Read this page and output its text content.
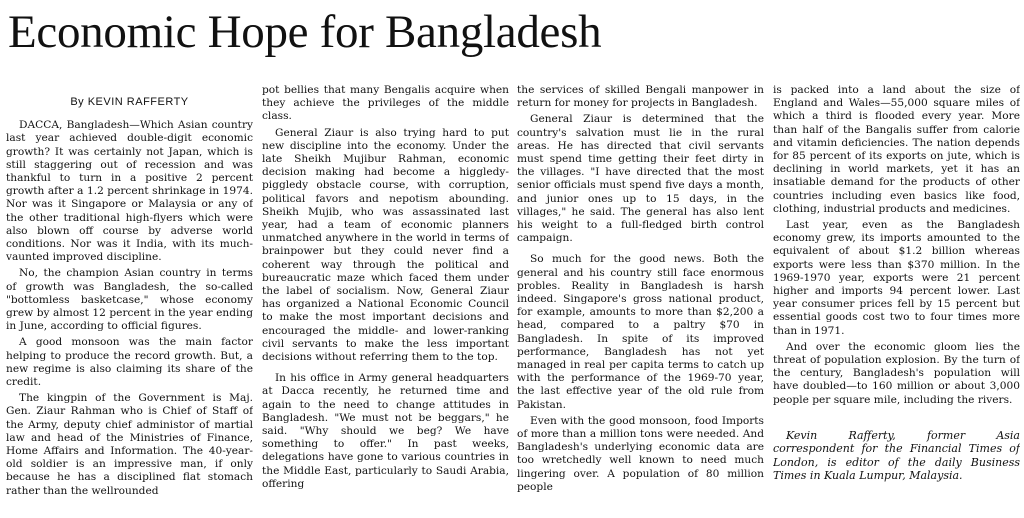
Economic Hope for Bangladesh

By KEVIN RAFFERTY

DACCA, Bangladesh—Which Asian country last year achieved double-digit economic growth? It was certainly not Japan, which is still staggering out of recession and was thankful to turn in a positive 2 percent growth after a 1.2 percent shrinkage in 1974. Nor was it Singapore or Malaysia or any of the other traditional high-flyers which were also blown off course by adverse world conditions. Nor was it India, with its much-vaunted improved discipline.

No, the champion Asian country in terms of growth was Bangladesh, the so-called "bottomless basketcase," whose economy grew by almost 12 percent in the year ending in June, according to official figures.

A good monsoon was the main factor helping to produce the record growth. But, a new regime is also claiming its share of the credit.

The kingpin of the Government is Maj. Gen. Ziaur Rahman who is Chief of Staff of the Army, deputy chief administor of martial law and head of the Ministries of Finance, Home Affairs and Information. The 40-year-old soldier is an impressive man, if only because he has a disciplined flat stomach rather than the wellrounded

pot bellies that many Bengalis acquire when they achieve the privileges of the middle class.

General Ziaur is also trying hard to put new discipline into the economy. Under the late Sheikh Mujibur Rahman, economic decision making had become a higgledy-piggledy obstacle course, with corruption, political favors and nepotism abounding. Sheikh Mujib, who was assassinated last year, had a team of economic planners unmatched anywhere in the world in terms of brainpower but they could never find a coherent way through the political and bureaucratic maze which faced them under the label of socialism. Now, General Ziaur has organized a National Economic Council to make the most important decisions and encouraged the middle- and lower-ranking civil servants to make the less important decisions without referring them to the top.

In his office in Army general headquarters at Dacca recently, he returned time and again to the need to change attitudes in Bangladesh. "We must not be beggars," he said. "Why should we beg? We have something to offer." In past weeks, delegations have gone to various countries in the Middle East, particularly to Saudi Arabia, offering

the services of skilled Bengali manpower in return for money for projects in Bangladesh.

General Ziaur is determined that the country's salvation must lie in the rural areas. He has directed that civil servants must spend time getting their feet dirty in the villages. "I have directed that the most senior officials must spend five days a month, and junior ones up to 15 days, in the villages," he said. The general has also lent his weight to a full-fledged birth control campaign.

So much for the good news. Both the general and his country still face enormous probles. Reality in Bangladesh is harsh indeed. Singapore's gross national product, for example, amounts to more than $2,200 a head, compared to a paltry $70 in Bangladesh. In spite of its improved performance, Bangladesh has not yet managed in real per capita terms to catch up with the performance of the 1969-70 year, the last effective year of the old rule from Pakistan.

Even with the good monsoon, food Imports of more than a million tons were needed. And Bangladesh's underlying economic data are too wretchedly well known to need much lingering over. A population of 80 million people

is packed into a land about the size of England and Wales—55,000 square miles of which a third is flooded every year. More than half of the Bangalis suffer from calorie and vitamin deficiencies. The nation depends for 85 percent of its exports on jute, which is declining in world markets, yet it has an insatiable demand for the products of other countries including even basics like food, clothing, industrial products and medicines.

Last year, even as the Bangladesh economy grew, its imports amounted to the equivalent of about $1.2 billion whereas exports were less than $370 million. In the 1969-1970 year, exports were 21 percent higher and imports 94 percent lower. Last year consumer prices fell by 15 percent but essential goods cost two to four times more than in 1971.

And over the economic gloom lies the threat of population explosion. By the turn of the century, Bangladesh's population will have doubled—to 160 million or about 3,000 people per square mile, including the rivers.

Kevin Rafferty, former Asia correspondent for the Financial Times of London, is editor of the daily Business Times in Kuala Lumpur, Malaysia.
